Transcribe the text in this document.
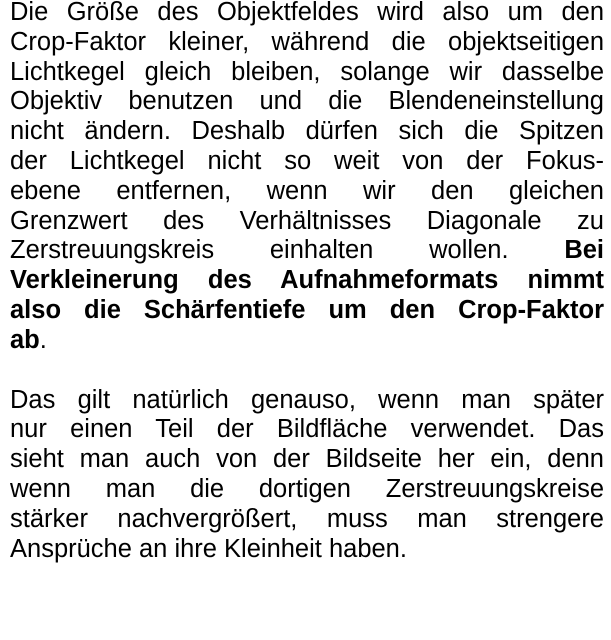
Die Größe des Objektfeldes wird also um den
Crop-Faktor kleiner, während die objektseitigen
Lichtkegel gleich bleiben, solange wir dasselbe
Objektiv benutzen und die Blendeneinstellung
nicht ändern. Deshalb dürfen sich die Spitzen
der Lichtkegel nicht so weit von der Fokus-
ebene entfernen, wenn wir den gleichen
Grenzwert des Verhältnisses Diagonale zu
Zerstreuungskreis einhalten wollen. Bei
Verkleinerung des Aufnahmeformats nimmt
also die Schärfentiefe um den Crop-Faktor
ab.
Das gilt natürlich genauso, wenn man später
nur einen Teil der Bildfläche verwendet. Das
sieht man auch von der Bildseite her ein, denn
wenn man die dortigen Zerstreuungskreise
stärker nachvergrößert, muss man strengere
Ansprüche an ihre Kleinheit haben.
